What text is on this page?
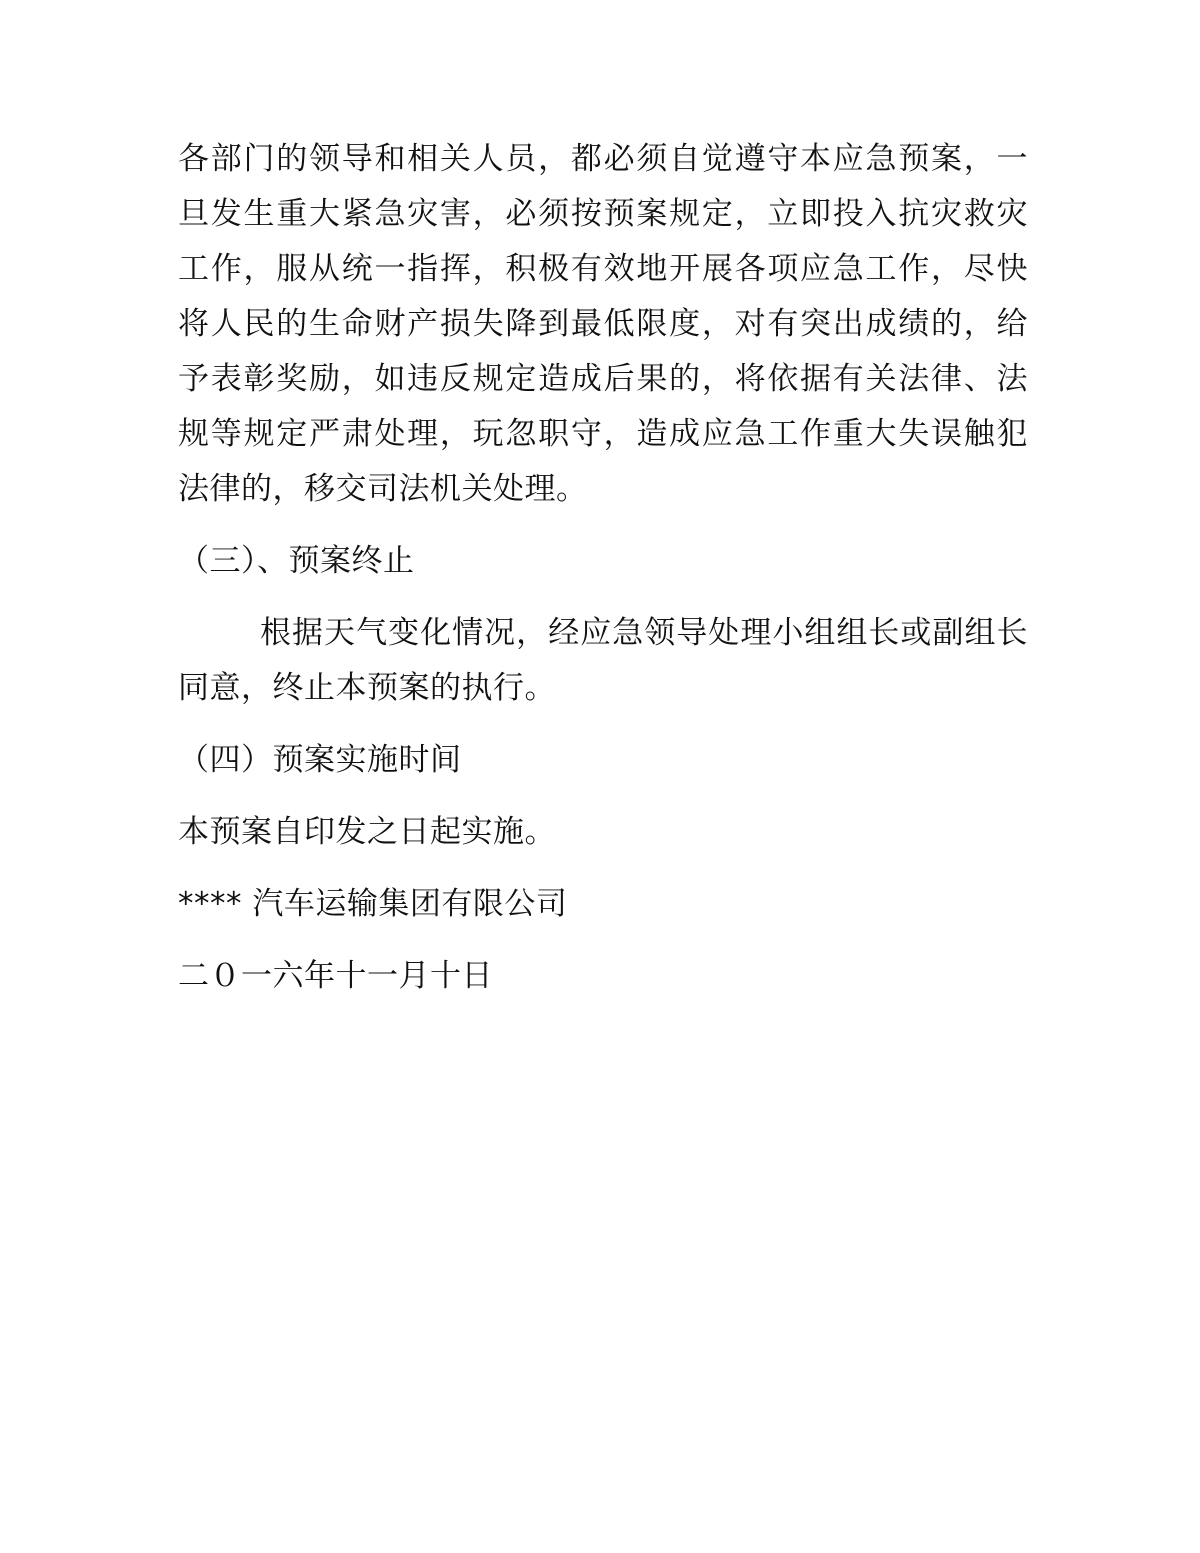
各部门的领导和相关人员，都必须自觉遵守本应急预案，一旦发生重大紧急灾害，必须按预案规定，立即投入抗灾救灾工作，服从统一指挥，积极有效地开展各项应急工作，尽快将人民的生命财产损失降到最低限度，对有突出成绩的，给予表彰奖励，如违反规定造成后果的，将依据有关法律、法规等规定严肃处理，玩忽职守，造成应急工作重大失误触犯法律的，移交司法机关处理。

（三）、预案终止

根据天气变化情况，经应急领导处理小组组长或副组长同意，终止本预案的执行。

（四）预案实施时间

本预案自印发之日起实施。

**** 汽车运输集团有限公司

二０一六年十一月十日
